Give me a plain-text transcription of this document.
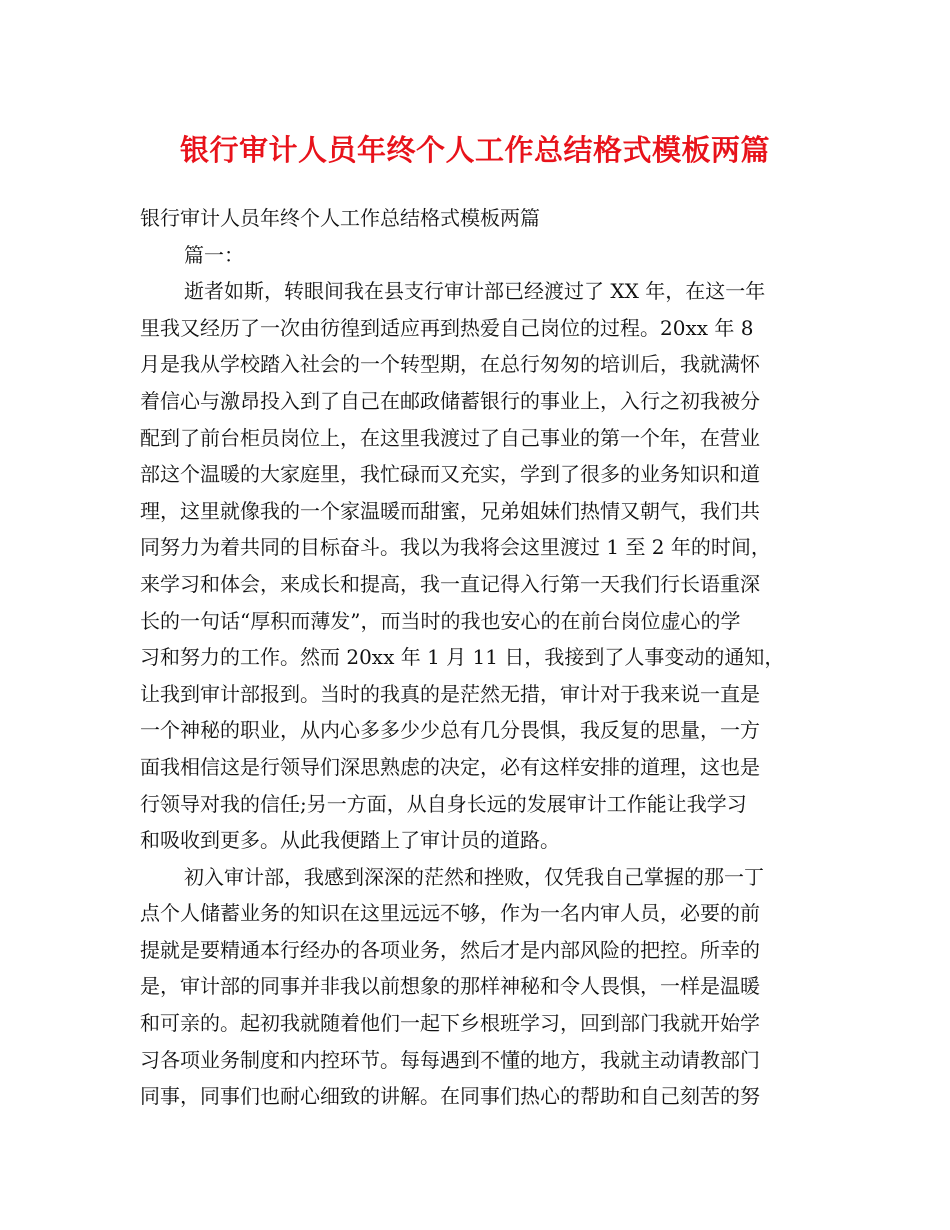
银行审计人员年终个人工作总结格式模板两篇

银行审计人员年终个人工作总结格式模板两篇

篇一：

逝者如斯，转眼间我在县支行审计部已经渡过了 XX 年，在这一年

里我又经历了一次由彷徨到适应再到热爱自己岗位的过程。20xx 年 8

月是我从学校踏入社会的一个转型期，在总行匆匆的培训后，我就满怀

着信心与激昂投入到了自己在邮政储蓄银行的事业上，入行之初我被分

配到了前台柜员岗位上，在这里我渡过了自己事业的第一个年，在营业

部这个温暖的大家庭里，我忙碌而又充实，学到了很多的业务知识和道

理，这里就像我的一个家温暖而甜蜜，兄弟姐妹们热情又朝气，我们共

同努力为着共同的目标奋斗。我以为我将会这里渡过 1 至 2 年的时间，

来学习和体会，来成长和提高，我一直记得入行第一天我们行长语重深

长的一句话“厚积而薄发”，而当时的我也安心的在前台岗位虚心的学

习和努力的工作。然而 20xx 年 1 月 11 日，我接到了人事变动的通知，

让我到审计部报到。当时的我真的是茫然无措，审计对于我来说一直是

一个神秘的职业，从内心多多少少总有几分畏惧，我反复的思量，一方

面我相信这是行领导们深思熟虑的决定，必有这样安排的道理，这也是

行领导对我的信任;另一方面，从自身长远的发展审计工作能让我学习

和吸收到更多。从此我便踏上了审计员的道路。

初入审计部，我感到深深的茫然和挫败，仅凭我自己掌握的那一丁

点个人储蓄业务的知识在这里远远不够，作为一名内审人员，必要的前

提就是要精通本行经办的各项业务，然后才是内部风险的把控。所幸的

是，审计部的同事并非我以前想象的那样神秘和令人畏惧，一样是温暖

和可亲的。起初我就随着他们一起下乡根班学习，回到部门我就开始学

习各项业务制度和内控环节。每每遇到不懂的地方，我就主动请教部门

同事，同事们也耐心细致的讲解。在同事们热心的帮助和自己刻苦的努
